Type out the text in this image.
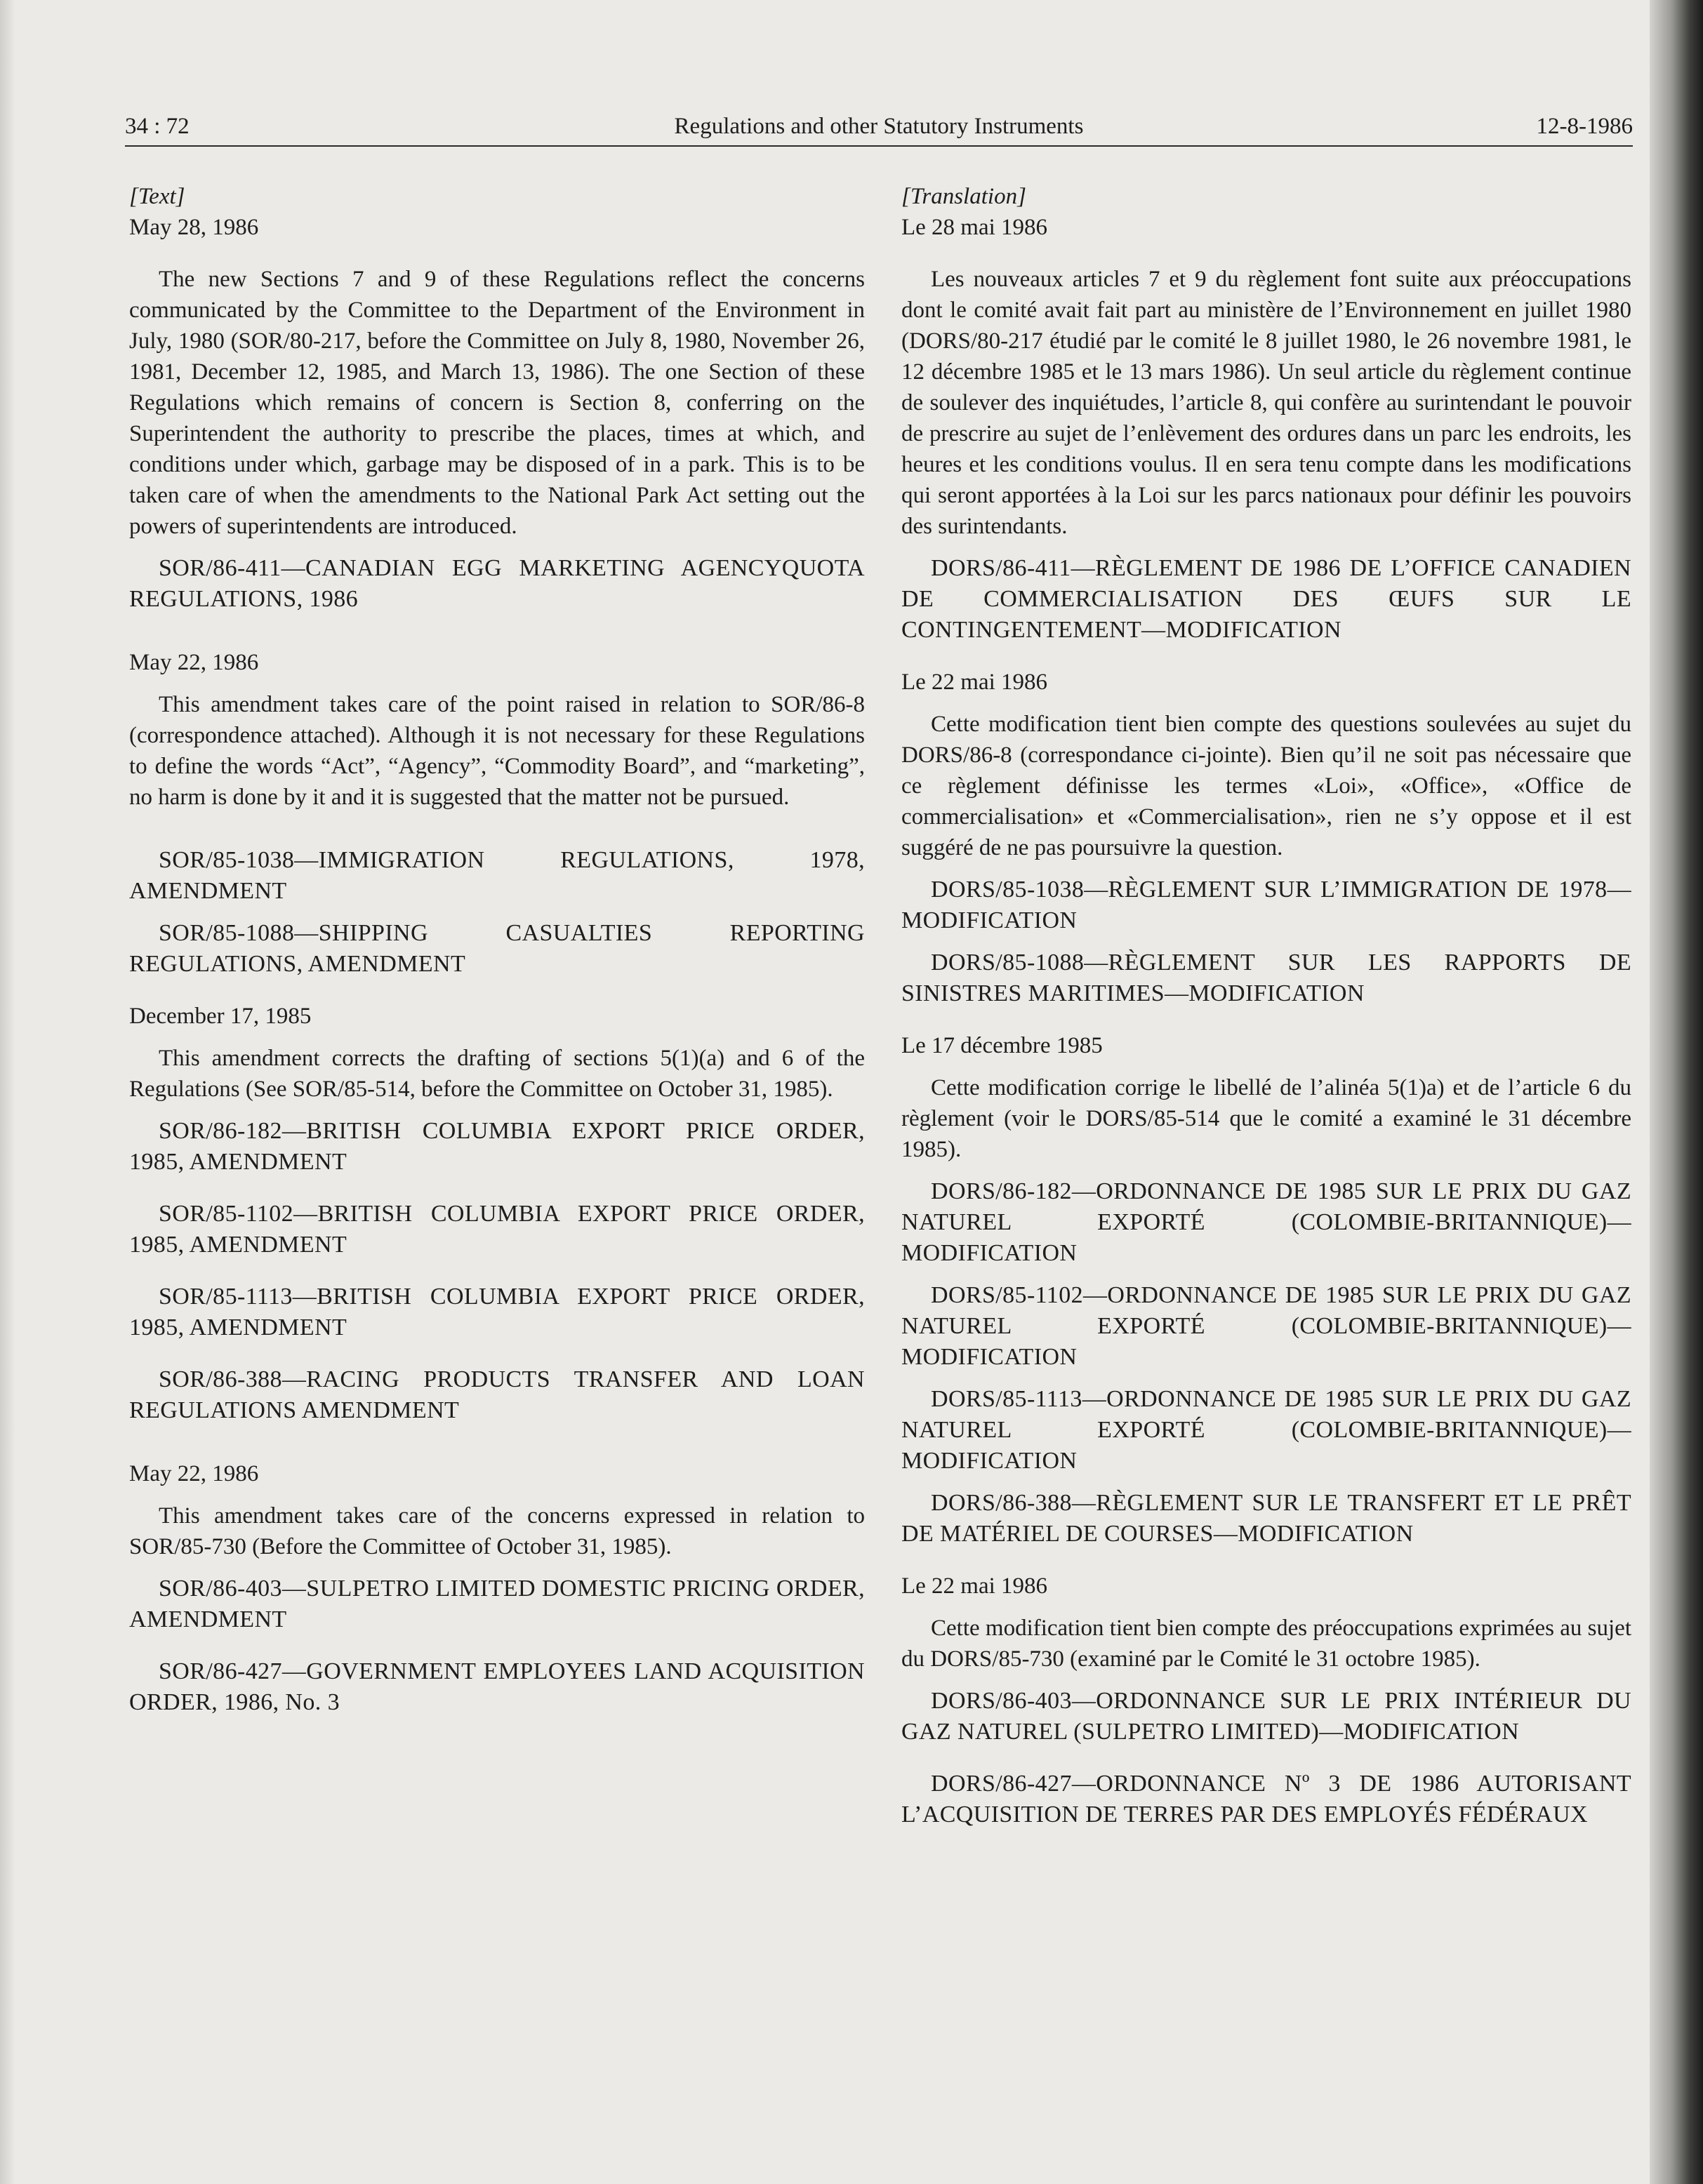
34 : 72	Regulations and other Statutory Instruments	12-8-1986

[Text]

May 28, 1986

The new Sections 7 and 9 of these Regulations reflect the concerns communicated by the Committee to the Department of the Environment in July, 1980 (SOR/80-217, before the Committee on July 8, 1980, November 26, 1981, December 12, 1985, and March 13, 1986). The one Section of these Regulations which remains of concern is Section 8, conferring on the Superintendent the authority to prescribe the places, times at which, and conditions under which, garbage may be disposed of in a park. This is to be taken care of when the amendments to the National Park Act setting out the powers of superintendents are introduced.

SOR/86-411—CANADIAN EGG MARKETING AGENCYQUOTA REGULATIONS, 1986

May 22, 1986

This amendment takes care of the point raised in relation to SOR/86-8 (correspondence attached). Although it is not necessary for these Regulations to define the words “Act”, “Agency”, “Commodity Board”, and “marketing”, no harm is done by it and it is suggested that the matter not be pursued.

SOR/85-1038—IMMIGRATION REGULATIONS, 1978, AMENDMENT

SOR/85-1088—SHIPPING CASUALTIES REPORTING REGULATIONS, AMENDMENT

December 17, 1985

This amendment corrects the drafting of sections 5(1)(a) and 6 of the Regulations (See SOR/85-514, before the Committee on October 31, 1985).

SOR/86-182—BRITISH COLUMBIA EXPORT PRICE ORDER, 1985, AMENDMENT

SOR/85-1102—BRITISH COLUMBIA EXPORT PRICE ORDER, 1985, AMENDMENT

SOR/85-1113—BRITISH COLUMBIA EXPORT PRICE ORDER, 1985, AMENDMENT

SOR/86-388—RACING PRODUCTS TRANSFER AND LOAN REGULATIONS AMENDMENT

May 22, 1986

This amendment takes care of the concerns expressed in relation to SOR/85-730 (Before the Committee of October 31, 1985).

SOR/86-403—SULPETRO LIMITED DOMESTIC PRICING ORDER, AMENDMENT

SOR/86-427—GOVERNMENT EMPLOYEES LAND ACQUISITION ORDER, 1986, No. 3

[Translation]

Le 28 mai 1986

Les nouveaux articles 7 et 9 du règlement font suite aux préoccupations dont le comité avait fait part au ministère de l’Environnement en juillet 1980 (DORS/80-217 étudié par le comité le 8 juillet 1980, le 26 novembre 1981, le 12 décembre 1985 et le 13 mars 1986). Un seul article du règlement continue de soulever des inquiétudes, l’article 8, qui confère au surintendant le pouvoir de prescrire au sujet de l’enlèvement des ordures dans un parc les endroits, les heures et les conditions voulus. Il en sera tenu compte dans les modifications qui seront apportées à la Loi sur les parcs nationaux pour définir les pouvoirs des surintendants.

DORS/86-411—RÈGLEMENT DE 1986 DE L’OFFICE CANADIEN DE COMMERCIALISATION DES ŒUFS SUR LE CONTINGENTEMENT—MODIFICATION

Le 22 mai 1986

Cette modification tient bien compte des questions soulevées au sujet du DORS/86-8 (correspondance ci-jointe). Bien qu’il ne soit pas nécessaire que ce règlement définisse les termes «Loi», «Office», «Office de commercialisation» et «Commercialisation», rien ne s’y oppose et il est suggéré de ne pas poursuivre la question.

DORS/85-1038—RÈGLEMENT SUR L’IMMIGRATION DE 1978—MODIFICATION

DORS/85-1088—RÈGLEMENT SUR LES RAPPORTS DE SINISTRES MARITIMES—MODIFICATION

Le 17 décembre 1985

Cette modification corrige le libellé de l’alinéa 5(1)a) et de l’article 6 du règlement (voir le DORS/85-514 que le comité a examiné le 31 décembre 1985).

DORS/86-182—ORDONNANCE DE 1985 SUR LE PRIX DU GAZ NATUREL EXPORTÉ (COLOMBIE-BRITANNIQUE)—MODIFICATION

DORS/85-1102—ORDONNANCE DE 1985 SUR LE PRIX DU GAZ NATUREL EXPORTÉ (COLOMBIE-BRITANNIQUE)—MODIFICATION

DORS/85-1113—ORDONNANCE DE 1985 SUR LE PRIX DU GAZ NATUREL EXPORTÉ (COLOMBIE-BRITANNIQUE)—MODIFICATION

DORS/86-388—RÈGLEMENT SUR LE TRANSFERT ET LE PRÊT DE MATÉRIEL DE COURSES—MODIFICATION

Le 22 mai 1986

Cette modification tient bien compte des préoccupations exprimées au sujet du DORS/85-730 (examiné par le Comité le 31 octobre 1985).

DORS/86-403—ORDONNANCE SUR LE PRIX INTÉRIEUR DU GAZ NATUREL (SULPETRO LIMITED)—MODIFICATION

DORS/86-427—ORDONNANCE Nº 3 DE 1986 AUTORISANT L’ACQUISITION DE TERRES PAR DES EMPLOYÉS FÉDÉRAUX
